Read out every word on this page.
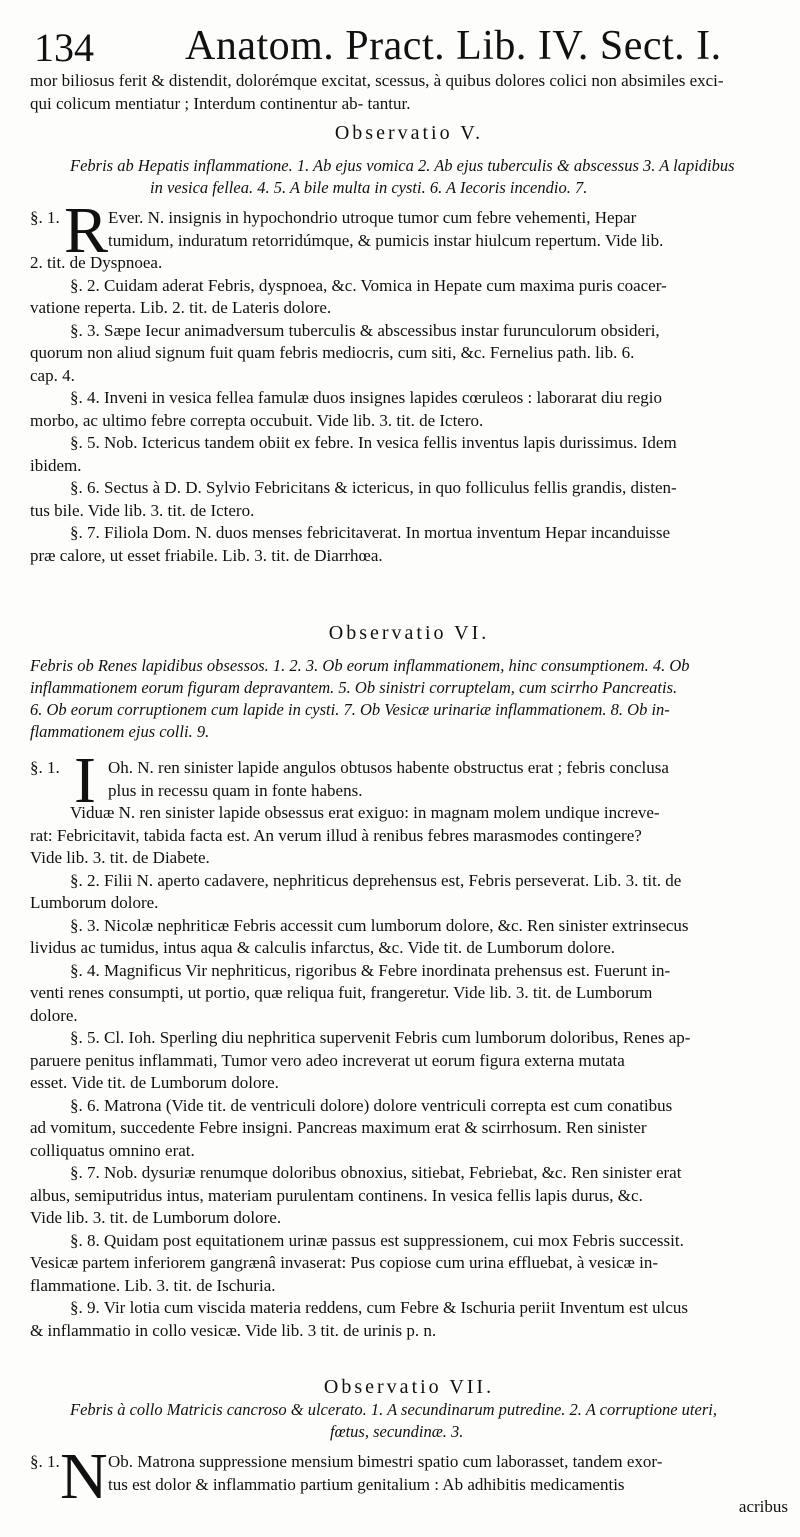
134 Anatom. Pract. Lib. IV. Sect. I.
mor biliosus ferit & distendit, dolorémque excitat, scessus, à quibus dolores colici non absimiles exci-
qui colicum mentiatur ; Interdum continentur ab- tantur.
Observatio V.
Febris ab Hepatis inflammatione. 1. Ab ejus vomica 2. Ab ejus tuberculis & abscessus 3. A lapidibus
in vesica fellea. 4. 5. A bile multa in cysti. 6. A Iecoris incendio. 7.
§. 1. R Ever. N. insignis in hypochondrio utroque tumor cum febre vehementi, Hepar
tumidum, induratum retorridúmque, & pumicis instar hiulcum repertum. Vide lib.
2. tit. de Dyspnoea.
§. 2. Cuidam aderat Febris, dyspnoea, &c. Vomica in Hepate cum maxima puris coacer-
vatione reperta. Lib. 2. tit. de Lateris dolore.
§. 3. Sæpe Iecur animadversum tuberculis & abscessibus instar furunculorum obsideri,
quorum non aliud signum fuit quam febris mediocris, cum siti, &c. Fernelius path. lib. 6.
cap. 4.
§. 4. Inveni in vesica fellea famulæ duos insignes lapides cœruleos : laborarat diu regio
morbo, ac ultimo febre correpta occubuit. Vide lib. 3. tit. de Ictero.
§. 5. Nob. Ictericus tandem obiit ex febre. In vesica fellis inventus lapis durissimus. Idem
ibidem.
§. 6. Sectus à D. D. Sylvio Febricitans & ictericus, in quo folliculus fellis grandis, disten-
tus bile. Vide lib. 3. tit. de Ictero.
§. 7. Filiola Dom. N. duos menses febricitaverat. In mortua inventum Hepar incanduisse
præ calore, ut esset friabile. Lib. 3. tit. de Diarrhœa.
Observatio VI.
Febris ob Renes lapidibus obsessos. 1. 2. 3. Ob eorum inflammationem, hinc consumptionem. 4. Ob
inflammationem eorum figuram depravantem. 5. Ob sinistri corruptelam, cum scirrho Pancreatis.
6. Ob eorum corruptionem cum lapide in cysti. 7. Ob Vesicæ urinariæ inflammationem. 8. Ob in-
flammationem ejus colli. 9.
§. 1. I Oh. N. ren sinister lapide angulos obtusos habente obstructus erat ; febris conclusa
plus in recessu quam in fonte habens.
Viduæ N. ren sinister lapide obsessus erat exiguo: in magnam molem undique increve-
rat: Febricitavit, tabida facta est. An verum illud à renibus febres marasmodes contingere?
Vide lib. 3. tit. de Diabete.
§. 2. Filii N. aperto cadavere, nephriticus deprehensus est, Febris perseverat. Lib. 3. tit. de
Lumborum dolore.
§. 3. Nicolæ nephriticæ Febris accessit cum lumborum dolore, &c. Ren sinister extrinsecus
lividus ac tumidus, intus aqua & calculis infarctus, &c. Vide tit. de Lumborum dolore.
§. 4. Magnificus Vir nephriticus, rigoribus & Febre inordinata prehensus est. Fuerunt in-
venti renes consumpti, ut portio, quæ reliqua fuit, frangeretur. Vide lib. 3. tit. de Lumborum
dolore.
§. 5. Cl. Ioh. Sperling diu nephritica supervenit Febris cum lumborum doloribus, Renes ap-
paruere penitus inflammati, Tumor vero adeo increverat ut eorum figura externa mutata
esset. Vide tit. de Lumborum dolore.
§. 6. Matrona (Vide tit. de ventriculi dolore) dolore ventriculi correpta est cum conatibus
ad vomitum, succedente Febre insigni. Pancreas maximum erat & scirrhosum. Ren sinister
colliquatus omnino erat.
§. 7. Nob. dysuriæ renumque doloribus obnoxius, sitiebat, Febriebat, &c. Ren sinister erat
albus, semiputridus intus, materiam purulentam continens. In vesica fellis lapis durus, &c.
Vide lib. 3. tit. de Lumborum dolore.
§. 8. Quidam post equitationem urinæ passus est suppressionem, cui mox Febris successit.
Vesicæ partem inferiorem gangrænâ invaserat: Pus copiose cum urina effluebat, à vesicæ in-
flammatione. Lib. 3. tit. de Ischuria.
§. 9. Vir lotia cum viscida materia reddens, cum Febre & Ischuria periit Inventum est ulcus
& inflammatio in collo vesicæ. Vide lib. 3 tit. de urinis p. n.
Observatio VII.
Febris à collo Matricis cancroso & ulcerato. 1. A secundinarum putredine. 2. A corruptione uteri,
fœtus, secundinæ. 3.
§. 1. N Ob. Matrona suppressione mensium bimestri spatio cum laborasset, tandem exor-
tus est dolor & inflammatio partium genitalium : Ab adhibitis medicamentis
acribus
